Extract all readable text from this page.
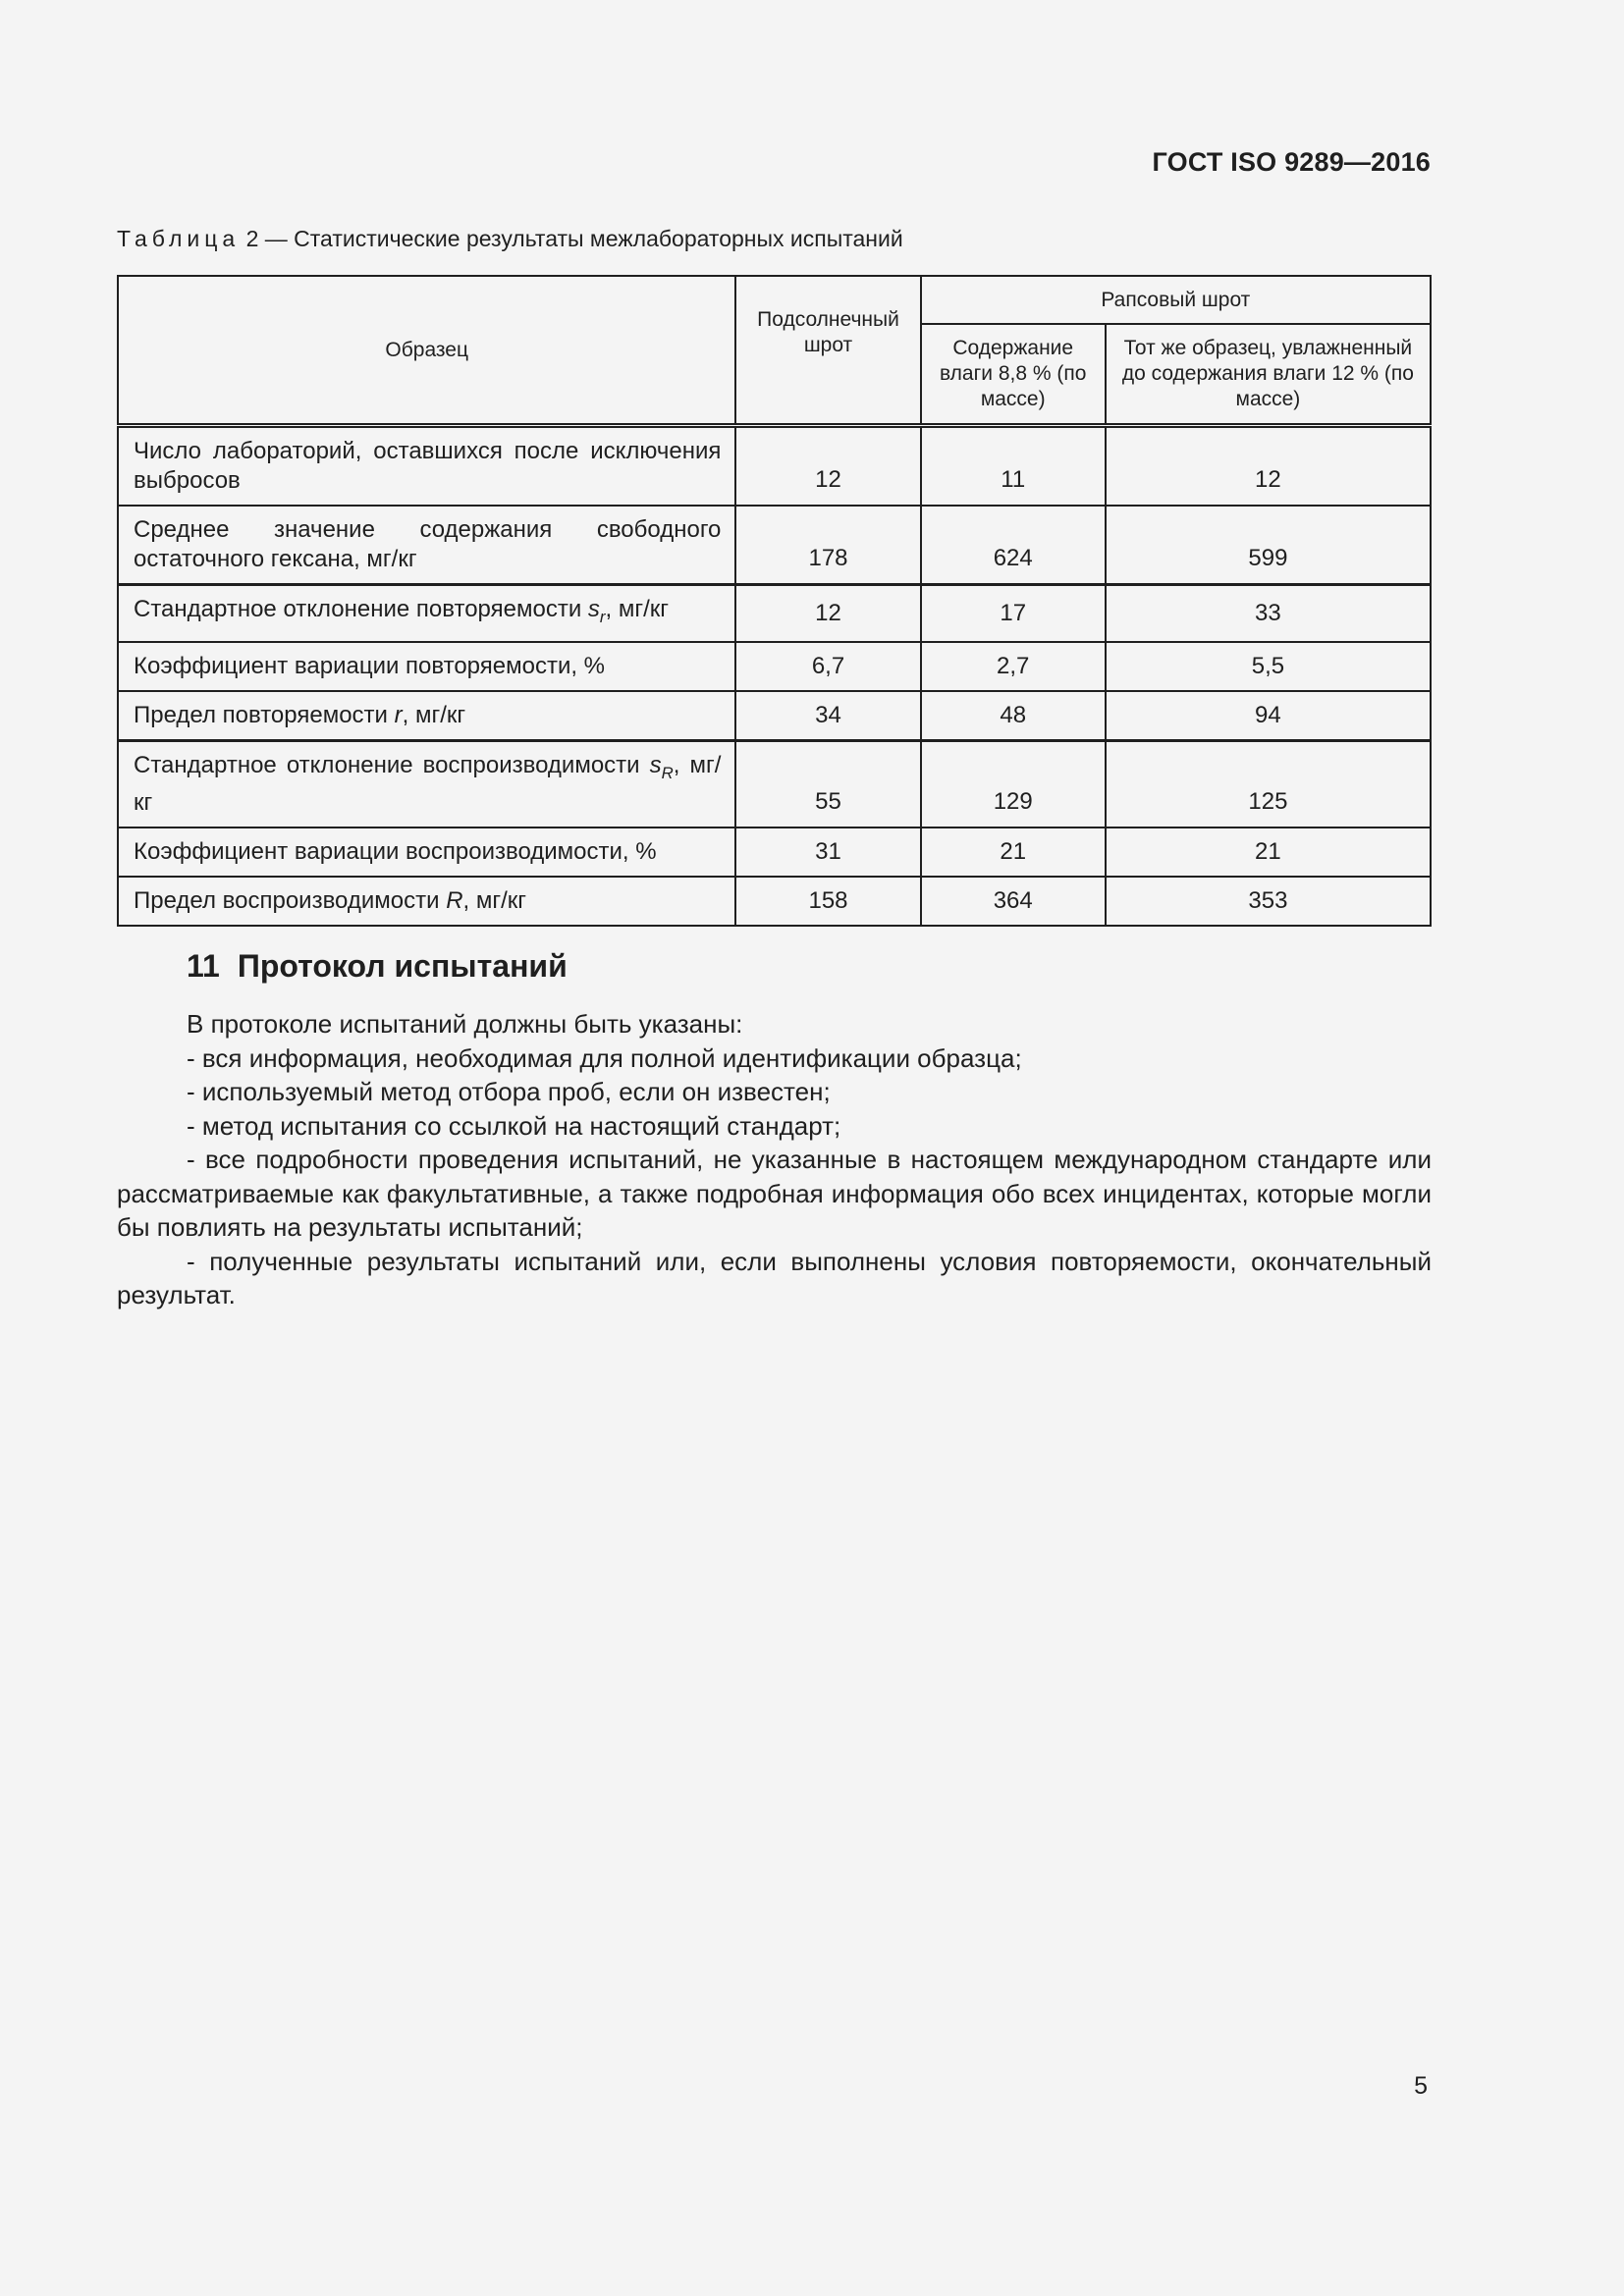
ГОСТ ISO 9289—2016
Таблица 2 — Статистические результаты межлабораторных испытаний
Образец	Подсолнечный шрот	Рапсовый шрот	
		Содержание влаги 8,8 % (по массе)	Тот же образец, увлажненный до содержания влаги 12 % (по массе)
Число лабораторий, оставшихся после исключения выбросов	12	11	12
Среднее значение содержания свободного остаточного гексана, мг/кг	178	624	599
Стандартное отклонение повторяемости $s_r$, мг/кг	12	17	33
Коэффициент вариации повторяемости, %	6,7	2,7	5,5
Предел повторяемости r, мг/кг	34	48	94
Стандартное отклонение воспроизводимости $s_R$, мг/кг	55	129	125
Коэффициент вариации воспроизводимости, %	31	21	21
Предел воспроизводимости R, мг/кг	158	364	353
11 Протокол испытаний

В протоколе испытаний должны быть указаны:

- вся информация, необходимая для полной идентификации образца;

- используемый метод отбора проб, если он известен;

- метод испытания со ссылкой на настоящий стандарт;

- все подробности проведения испытаний, не указанные в настоящем международном стандарте или рассматриваемые как факультативные, а также подробная информация обо всех инцидентах, которые могли бы повлиять на результаты испытаний;

- полученные результаты испытаний или, если выполнены условия повторяемости, окончательный результат.

5
